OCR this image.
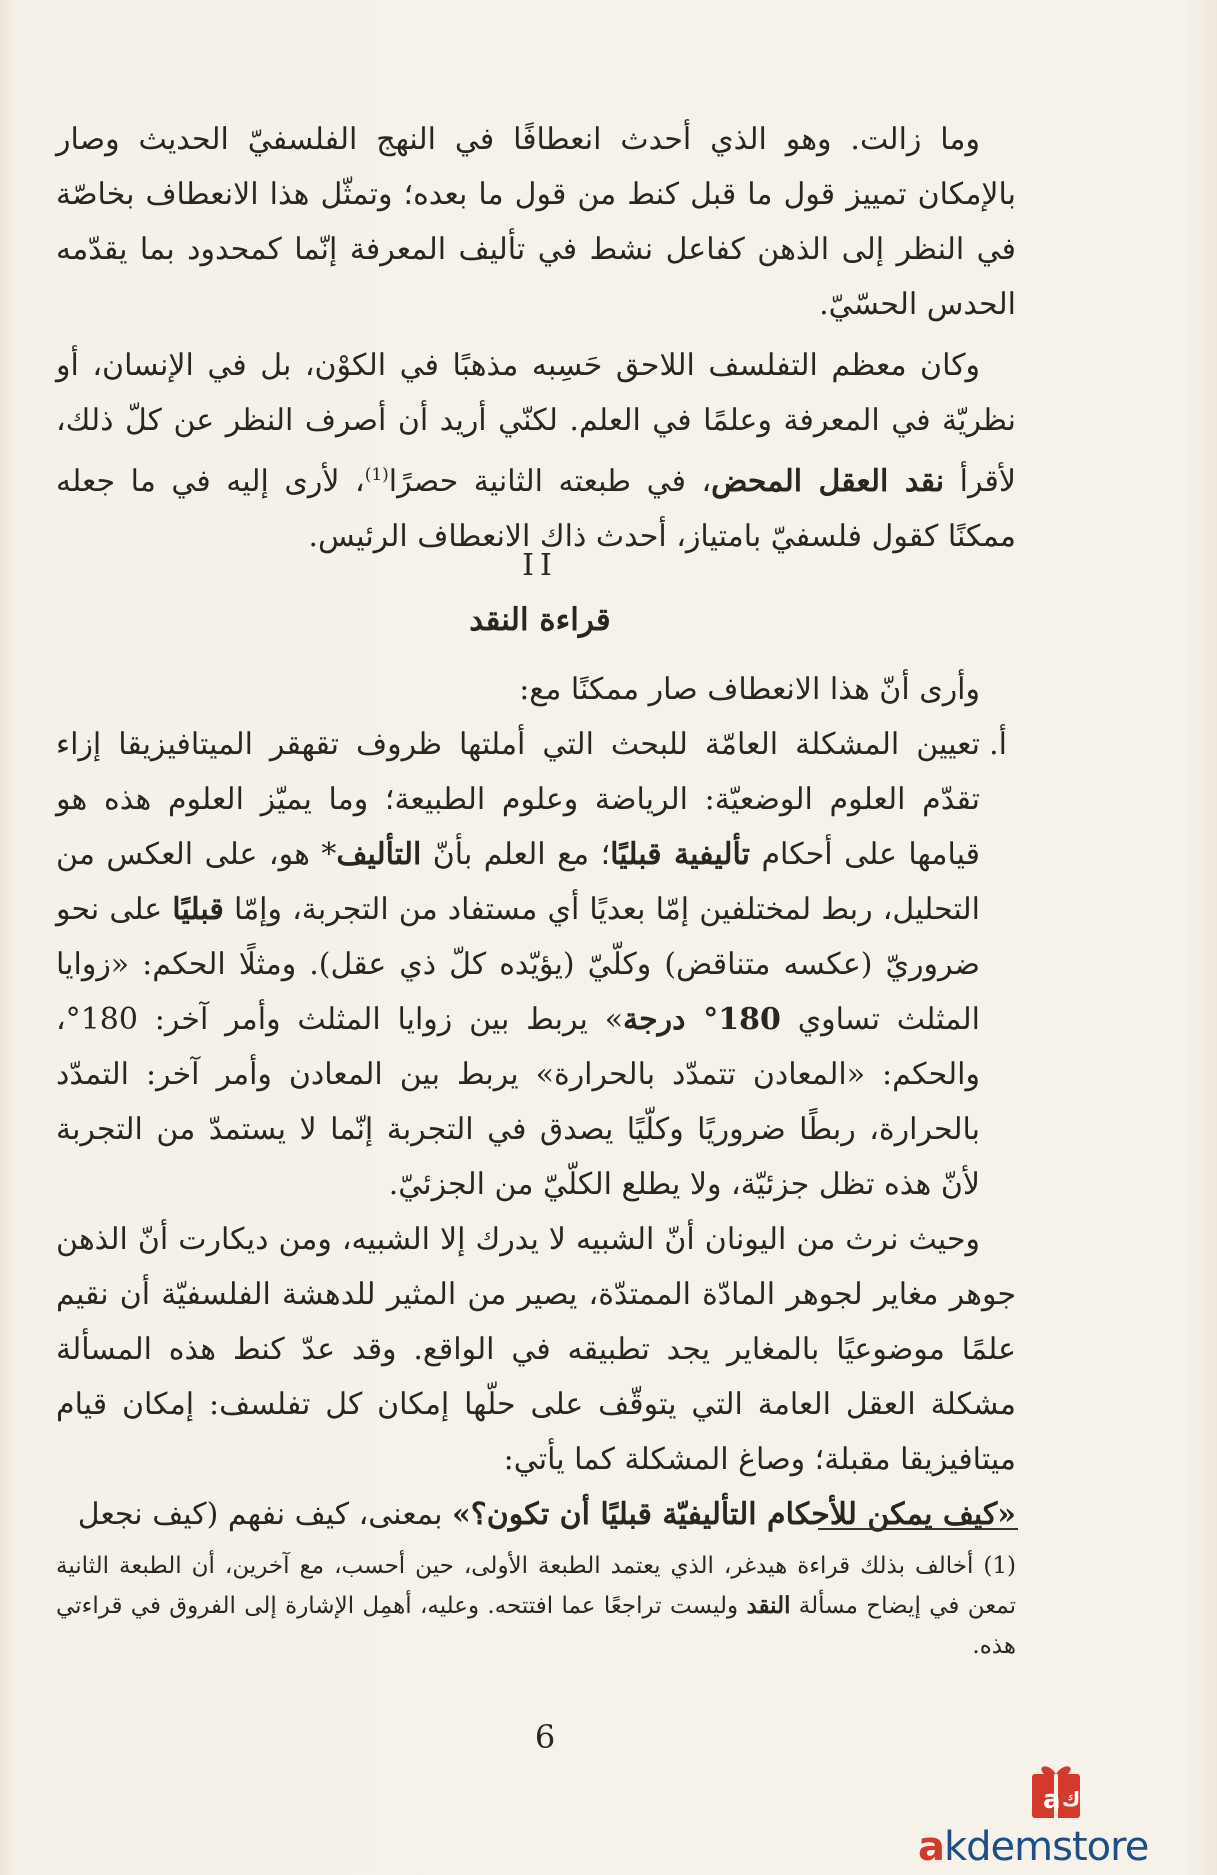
وما زالت. وهو الذي أحدث انعطافًا في النهج الفلسفيّ الحديث وصار بالإمكان تمييز قول ما قبل كنط من قول ما بعده؛ وتمثّل هذا الانعطاف بخاصّة في النظر إلى الذهن كفاعل نشط في تأليف المعرفة إنّما كمحدود بما يقدّمه الحدس الحسّيّ.

وكان معظم التفلسف اللاحق حَسِبه مذهبًا في الكوْن، بل في الإنسان، أو نظريّة في المعرفة وعلمًا في العلم. لكنّي أريد أن أصرف النظر عن كلّ ذلك، لأقرأ نقد العقل المحض، في طبعته الثانية حصرًا$^{(1)}$، لأرى إليه في ما جعله ممكنًا كقول فلسفيّ بامتياز، أحدث ذاك الانعطاف الرئيس.

II
قراءة النقد

وأرى أنّ هذا الانعطاف صار ممكنًا مع:

أ.
تعيين المشكلة العامّة للبحث التي أملتها ظروف تقهقر الميتافيزيقا إزاء تقدّم العلوم الوضعيّة: الرياضة وعلوم الطبيعة؛ وما يميّز العلوم هذه هو قيامها على أحكام تأليفية قبليًا؛ مع العلم بأنّ التأليف* هو، على العكس من التحليل، ربط لمختلفين إمّا بعديًا أي مستفاد من التجربة، وإمّا قبليًا على نحو ضروريّ (عكسه متناقض) وكلّيّ (يؤيّده كلّ ذي عقل). ومثلًا الحكم: «زوايا المثلث تساوي 180° درجة» يربط بين زوايا المثلث وأمر آخر: 180°، والحكم: «المعادن تتمدّد بالحرارة» يربط بين المعادن وأمر آخر: التمدّد بالحرارة، ربطًا ضروريًا وكلّيًا يصدق في التجربة إنّما لا يستمدّ من التجربة لأنّ هذه تظل جزئيّة، ولا يطلع الكلّيّ من الجزئيّ.

وحيث نرث من اليونان أنّ الشبيه لا يدرك إلا الشبيه، ومن ديكارت أنّ الذهن جوهر مغاير لجوهر المادّة الممتدّة، يصير من المثير للدهشة الفلسفيّة أن نقيم علمًا موضوعيًا بالمغاير يجد تطبيقه في الواقع. وقد عدّ كنط هذه المسألة مشكلة العقل العامة التي يتوقّف على حلّها إمكان كل تفلسف: إمكان قيام ميتافيزيقا مقبلة؛ وصاغ المشكلة كما يأتي:

«كيف يمكن للأحكام التأليفيّة قبليًا أن تكون؟» بمعنى، كيف نفهم (كيف نجعل

(1) أخالف بذلك قراءة هيدغر، الذي يعتمد الطبعة الأولى، حين أحسب، مع آخرين، أن الطبعة الثانية تمعن في إيضاح مسألة النقد وليست تراجعًا عما افتتحه. وعليه، أهمِل الإشارة إلى الفروق في قراءتي هذه.

6
a ك
akdemstore
